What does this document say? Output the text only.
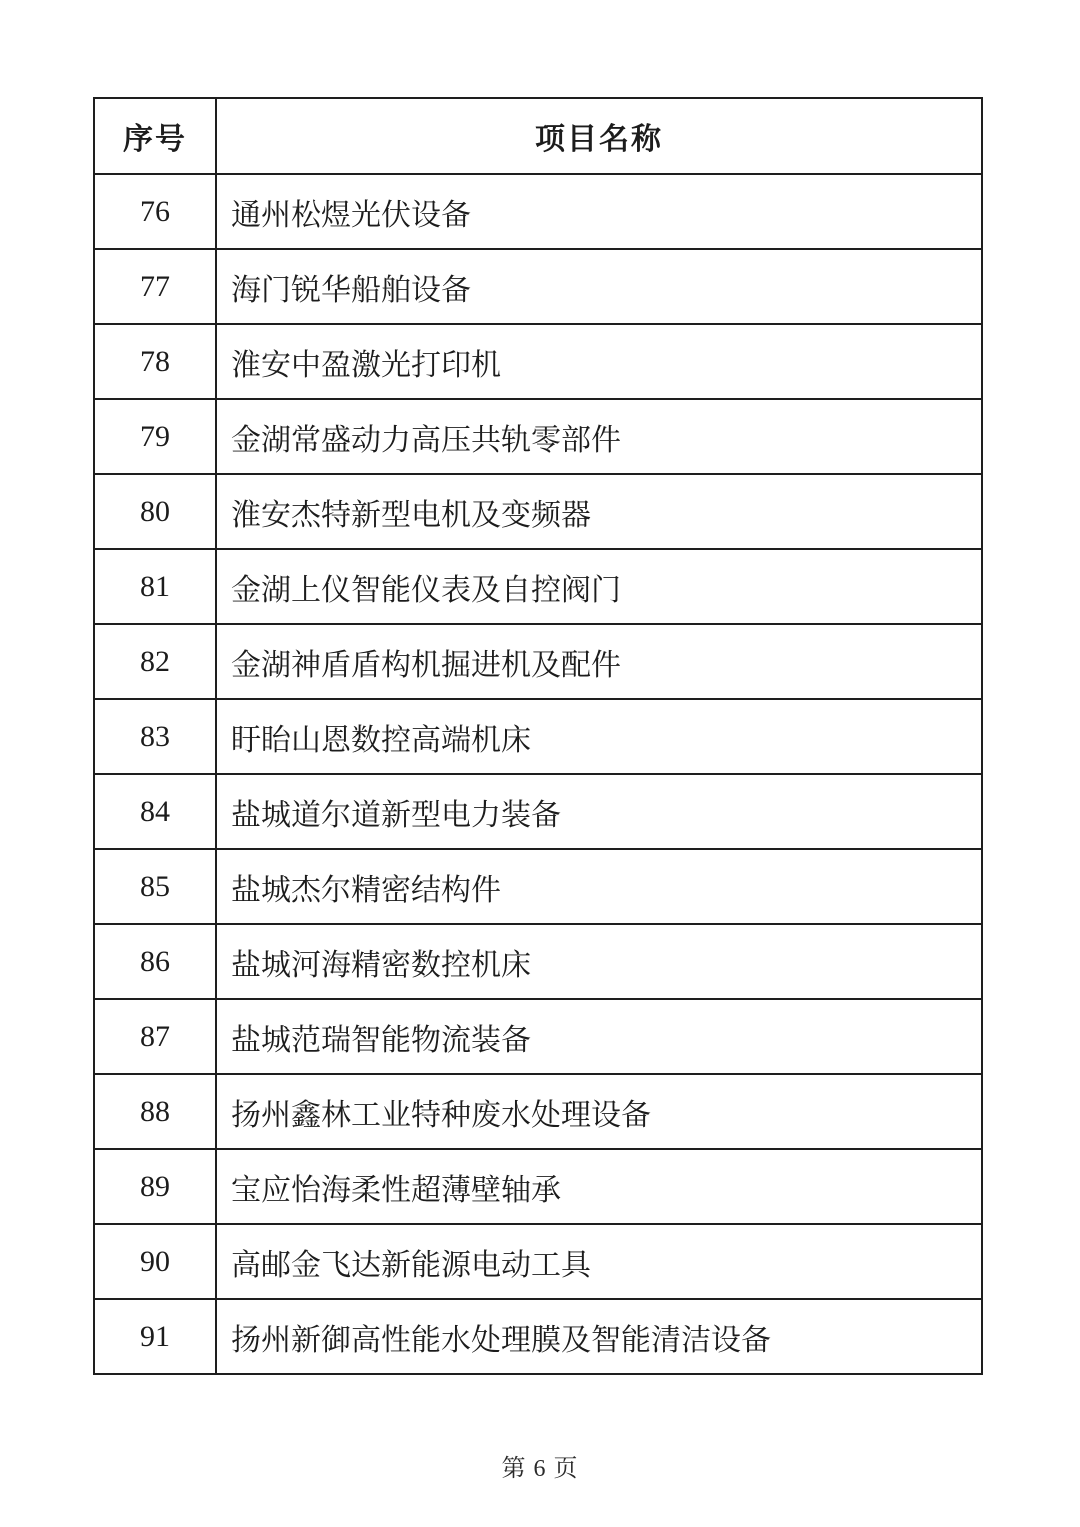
序号	项目名称
76	通州松煜光伏设备
77	海门锐华船舶设备
78	淮安中盈激光打印机
79	金湖常盛动力高压共轨零部件
80	淮安杰特新型电机及变频器
81	金湖上仪智能仪表及自控阀门
82	金湖神盾盾构机掘进机及配件
83	盱眙山恩数控高端机床
84	盐城道尔道新型电力装备
85	盐城杰尔精密结构件
86	盐城河海精密数控机床
87	盐城范瑞智能物流装备
88	扬州鑫林工业特种废水处理设备
89	宝应怡海柔性超薄壁轴承
90	高邮金飞达新能源电动工具
91	扬州新御高性能水处理膜及智能清洁设备
第 6 页
